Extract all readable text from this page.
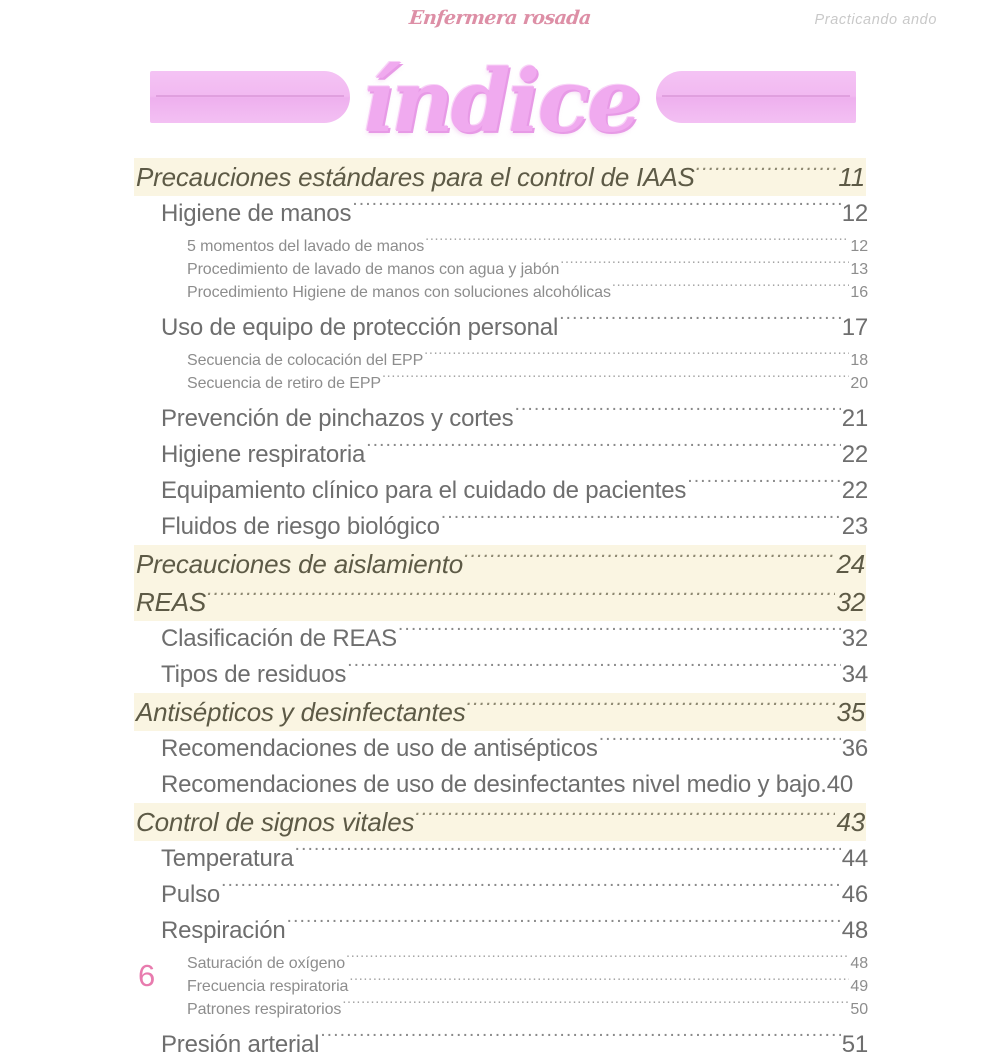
Enfermera rosada	Practicando ando
índice
Precauciones estándares para el control de IAAS .....	11
Higiene de manos .....	12
5 momentos del lavado de manos .....	12
Procedimiento de lavado de manos con agua y jabón .....	13
Procedimiento Higiene de manos con soluciones alcohólicas .....	16
Uso de equipo de protección personal .....	17
Secuencia de colocación del EPP .....	18
Secuencia de retiro de EPP .....	20
Prevención de pinchazos y cortes .....	21
Higiene respiratoria .....	22
Equipamiento clínico para el cuidado de pacientes .....	22
Fluidos de riesgo biológico .....	23
Precauciones de aislamiento .....	24
REAS .....	32
Clasificación de REAS .....	32
Tipos de residuos .....	34
Antisépticos y desinfectantes .....	35
Recomendaciones de uso de antisépticos .....	36
Recomendaciones de uso de desinfectantes nivel medio y bajo . 40
Control de signos vitales .....	43
Temperatura .....	44
Pulso .....	46
Respiración .....	48
Saturación de oxígeno .....	48
Frecuencia respiratoria .....	49
Patrones respiratorios .....	50
Presión arterial .....	51
6
